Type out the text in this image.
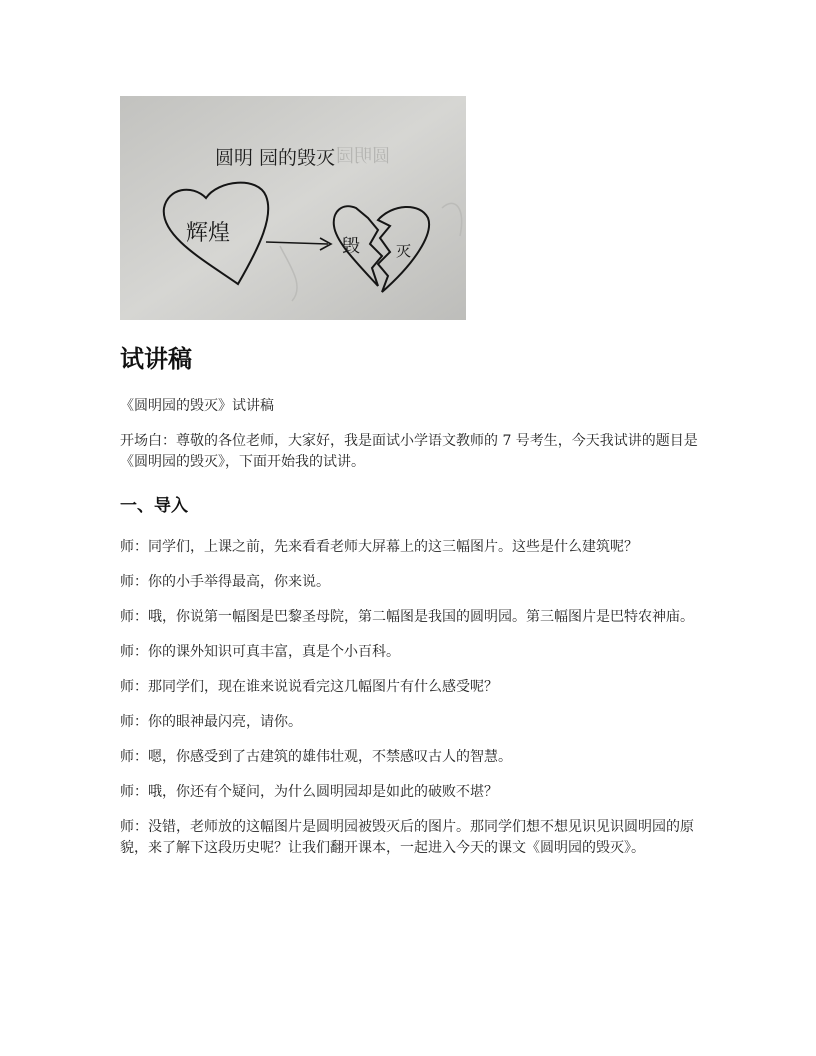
圆明园
圆明 园的毁灭
辉煌
毁 灭
试讲稿

《圆明园的毁灭》试讲稿

开场白：尊敬的各位老师，大家好，我是面试小学语文教师的 7 号考生，今天我试讲的题目是《圆明园的毁灭》，下面开始我的试讲。

一、导入

师：同学们，上课之前，先来看看老师大屏幕上的这三幅图片。这些是什么建筑呢？

师：你的小手举得最高，你来说。

师：哦，你说第一幅图是巴黎圣母院，第二幅图是我国的圆明园。第三幅图片是巴特农神庙。

师：你的课外知识可真丰富，真是个小百科。

师：那同学们，现在谁来说说看完这几幅图片有什么感受呢？

师：你的眼神最闪亮，请你。

师：嗯，你感受到了古建筑的雄伟壮观，不禁感叹古人的智慧。

师：哦，你还有个疑问，为什么圆明园却是如此的破败不堪？

师：没错，老师放的这幅图片是圆明园被毁灭后的图片。那同学们想不想见识见识圆明园的原貌，来了解下这段历史呢？让我们翻开课本，一起进入今天的课文《圆明园的毁灭》。
